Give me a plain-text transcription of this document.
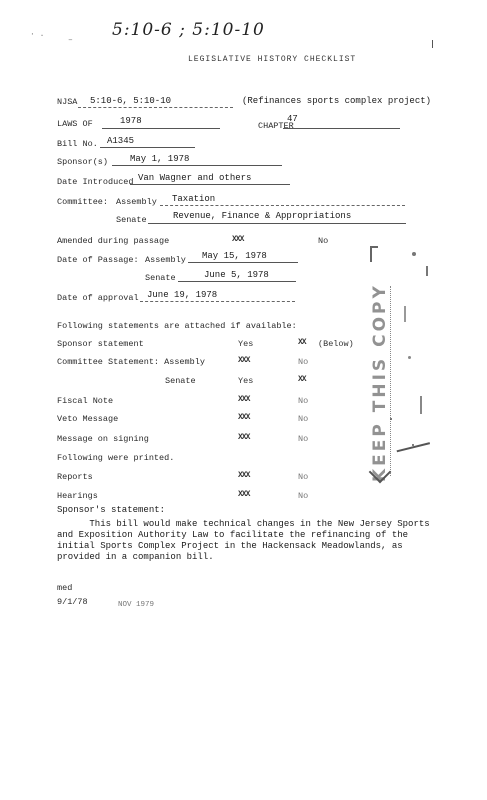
5:10-6 ; 5:10-10
· .
–
LEGISLATIVE HISTORY CHECKLIST
NJSA 5:10-6, 5:10-10	(Refinances sports complex project)
LAWS OF	1978	CHAPTER
47
Bill No. A1345
Sponsor(s) May 1, 1978
Date Introduced Van Wagner and others
Committee: Assembly Taxation
Senate	Revenue, Finance & Appropriations
Amended during passage	XXX	No
Date of Passage: Assembly May 15, 1978
Senate	June 5, 1978
Date of approval June 19, 1978
Following statements are attached if available:
Sponsor statement	Yes	XX (Below)
Committee Statement: Assembly	XXX	No
Senate	Yes	XX
Fiscal Note	XXX	No
Veto Message	XXX	No
Message on signing	XXX	No
Following were printed.
Reports	XXX	No
Hearings	XXX	No
Sponsor's statement:
This bill would make technical changes in the New Jersey Sports
and Exposition Authority Law to facilitate the refinancing of the
initial Sports Complex Project in the Hackensack Meadowlands, as
provided in a companion bill.
med
9/1/78	NOV 1979
KEEP THIS COPY
